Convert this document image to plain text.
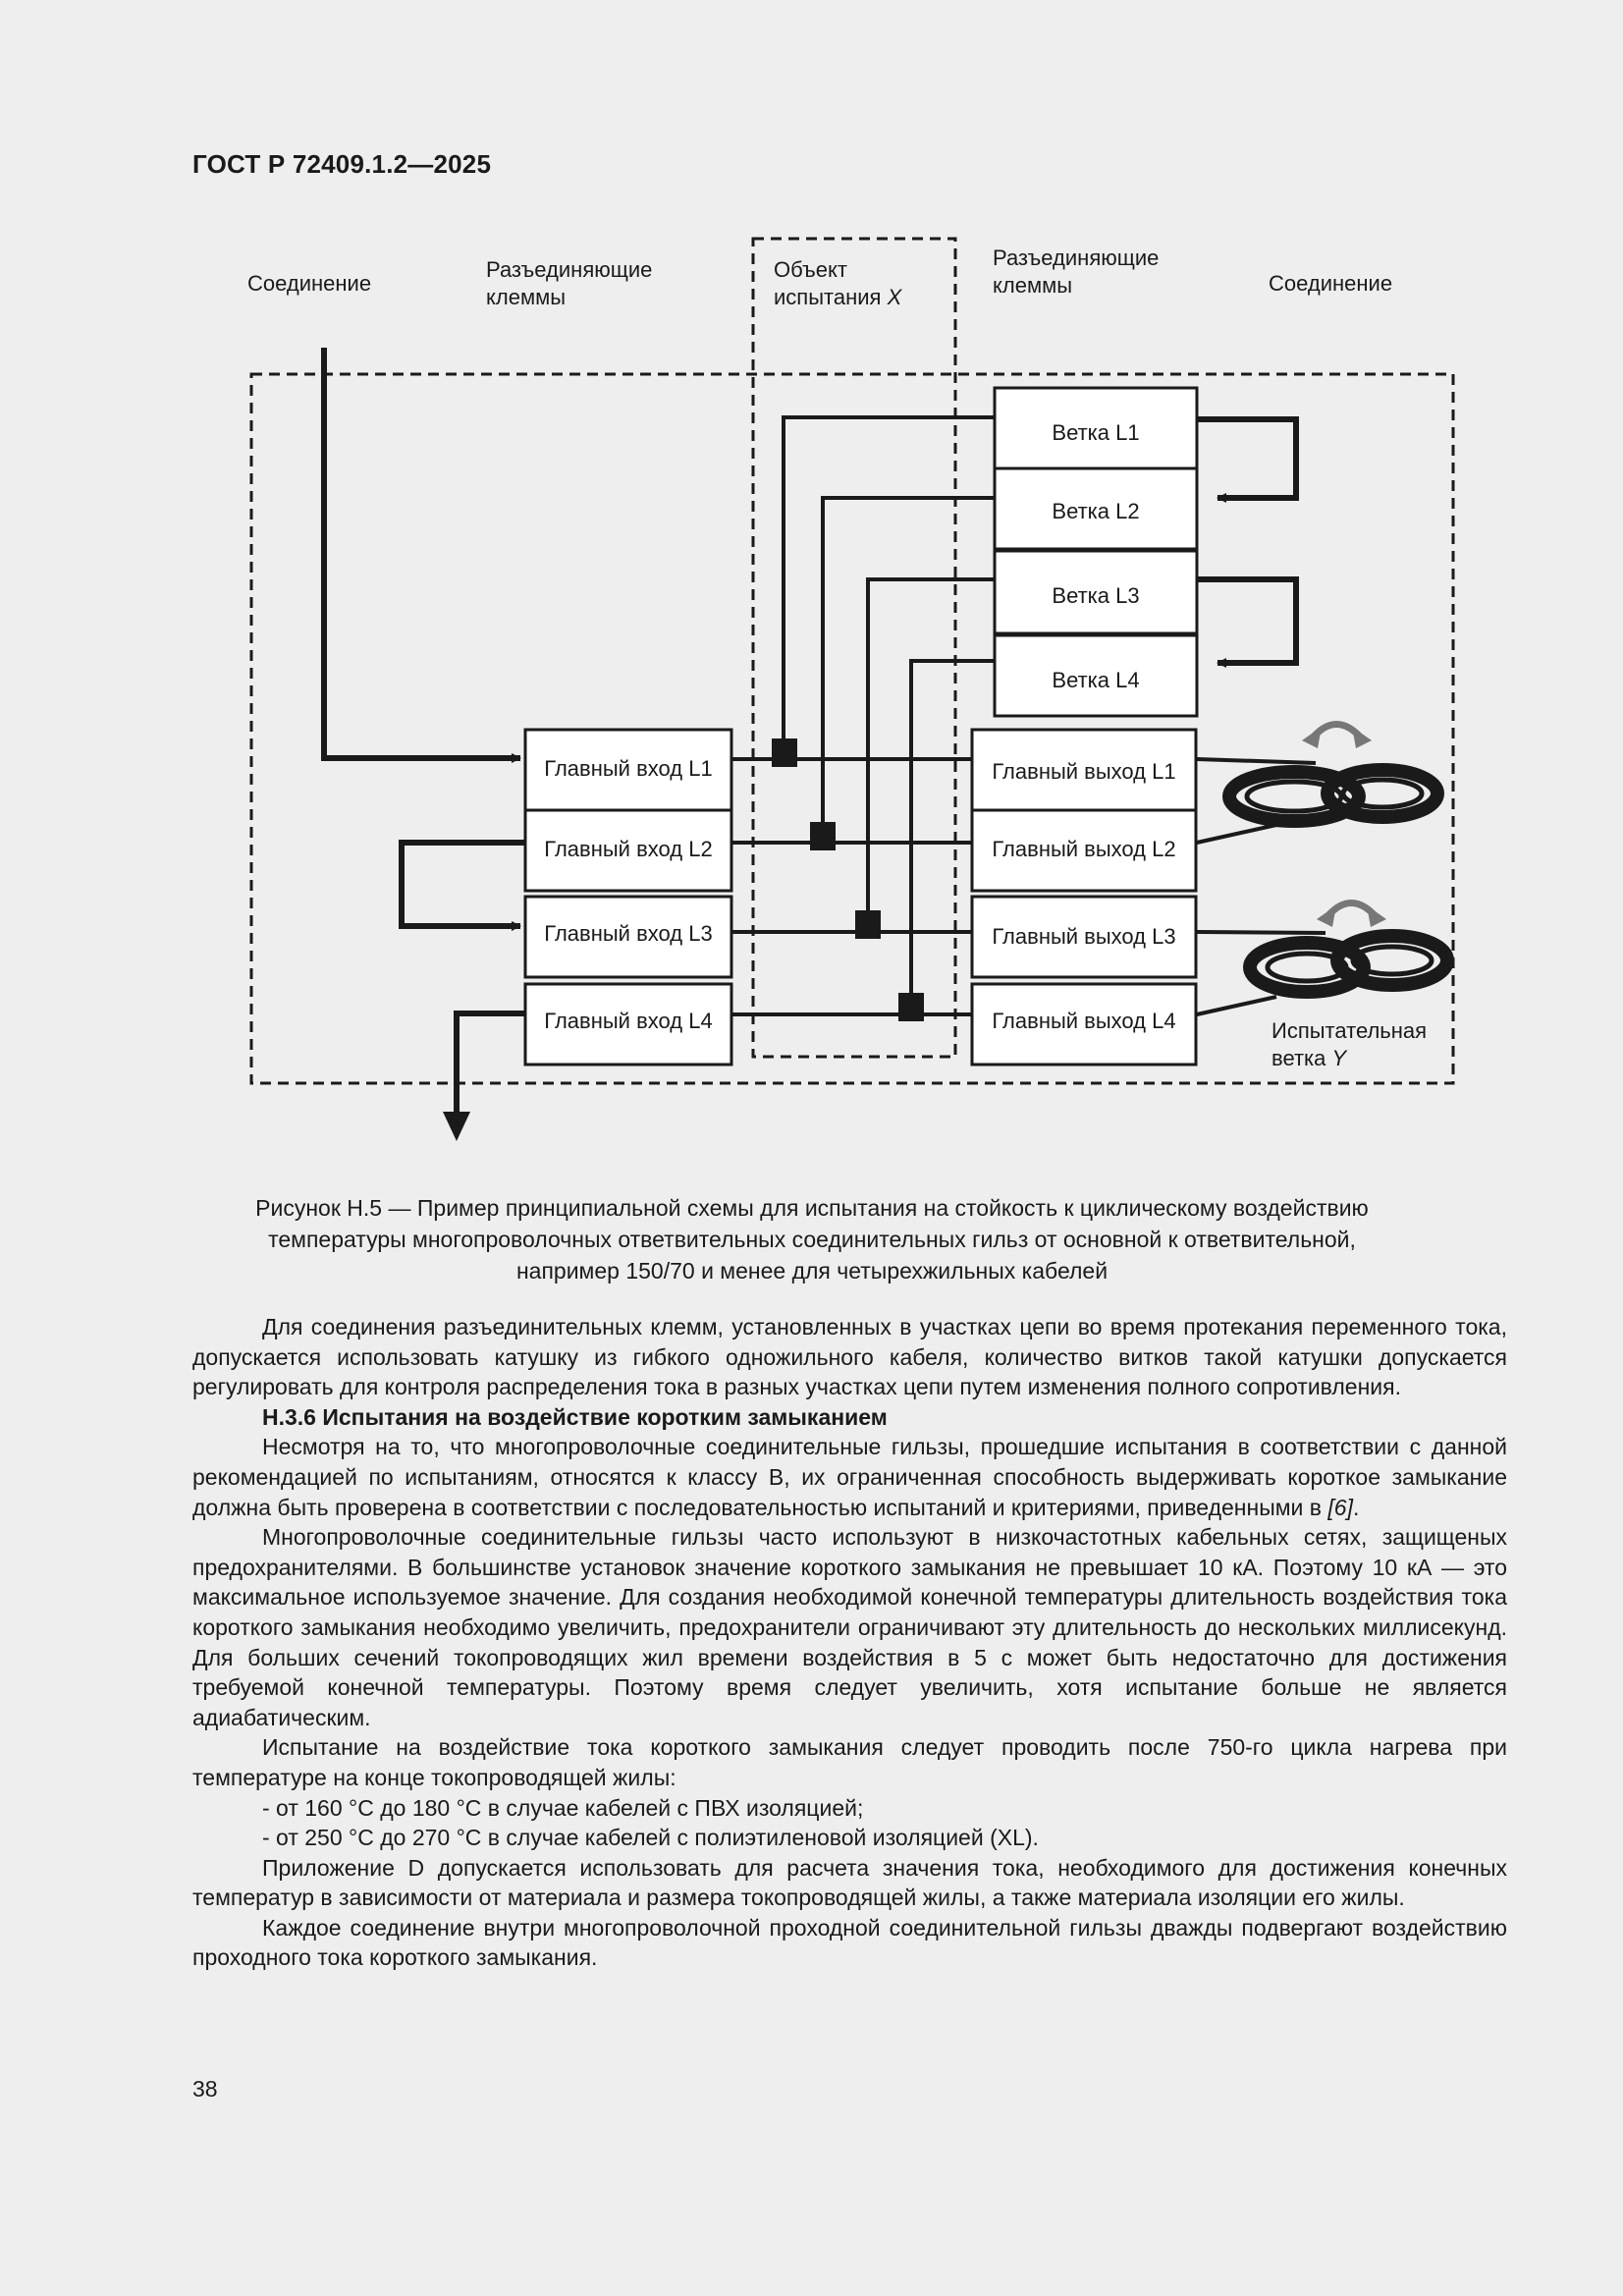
ГОСТ Р 72409.1.2—2025
Соединение
Разъединяющие
клеммы
Объект
испытания X
Разъединяющие
клеммы	Соединение
Ветка L1
Ветка L2
Ветка L3
Ветка L4
Главный вход L1
Главный вход L2
Главный вход L3
Главный вход L4
Главный выход L1
Главный выход L2
Главный выход L3
Главный выход L4	Испытательная
ветка Y
Рисунок Н.5 — Пример принципиальной схемы для испытания на стойкость к циклическому воздействию
температуры многопроволочных ответвительных соединительных гильз от основной к ответвительной,
например 150/70 и менее для четырехжильных кабелей

Для соединения разъединительных клемм, установленных в участках цепи во время протекания переменного тока, допускается использовать катушку из гибкого одножильного кабеля, количество витков такой катушки допускается регулировать для контроля распределения тока в разных участках цепи путем изменения полного сопротивления.

Н.3.6 Испытания на воздействие коротким замыканием

Несмотря на то, что многопроволочные соединительные гильзы, прошедшие испытания в соответствии с данной рекомендацией по испытаниям, относятся к классу В, их ограниченная способность выдерживать короткое замыкание должна быть проверена в соответствии с последовательностью испытаний и критериями, приведенными в [6].

Многопроволочные соединительные гильзы часто используют в низкочастотных кабельных сетях, защищеных предохранителями. В большинстве установок значение короткого замыкания не превышает 10 кА. Поэтому 10 кА — это максимальное используемое значение. Для создания необходимой конечной температуры длительность воздействия тока короткого замыкания необходимо увеличить, предохранители ограничивают эту длительность до нескольких миллисекунд. Для больших сечений токопроводящих жил времени воздействия в 5 с может быть недостаточно для достижения требуемой конечной температуры. Поэтому время следует увеличить, хотя испытание больше не является адиабатическим.

Испытание на воздействие тока короткого замыкания следует проводить после 750-го цикла нагрева при температуре на конце токопроводящей жилы:

- от 160 °C до 180 °C в случае кабелей с ПВХ изоляцией;
- от 250 °C до 270 °C в случае кабелей с полиэтиленовой изоляцией (XL).

Приложение D допускается использовать для расчета значения тока, необходимого для достижения конечных температур в зависимости от материала и размера токопроводящей жилы, а также материала изоляции его жилы.

Каждое соединение внутри многопроволочной проходной соединительной гильзы дважды подвергают воздействию проходного тока короткого замыкания.

38
